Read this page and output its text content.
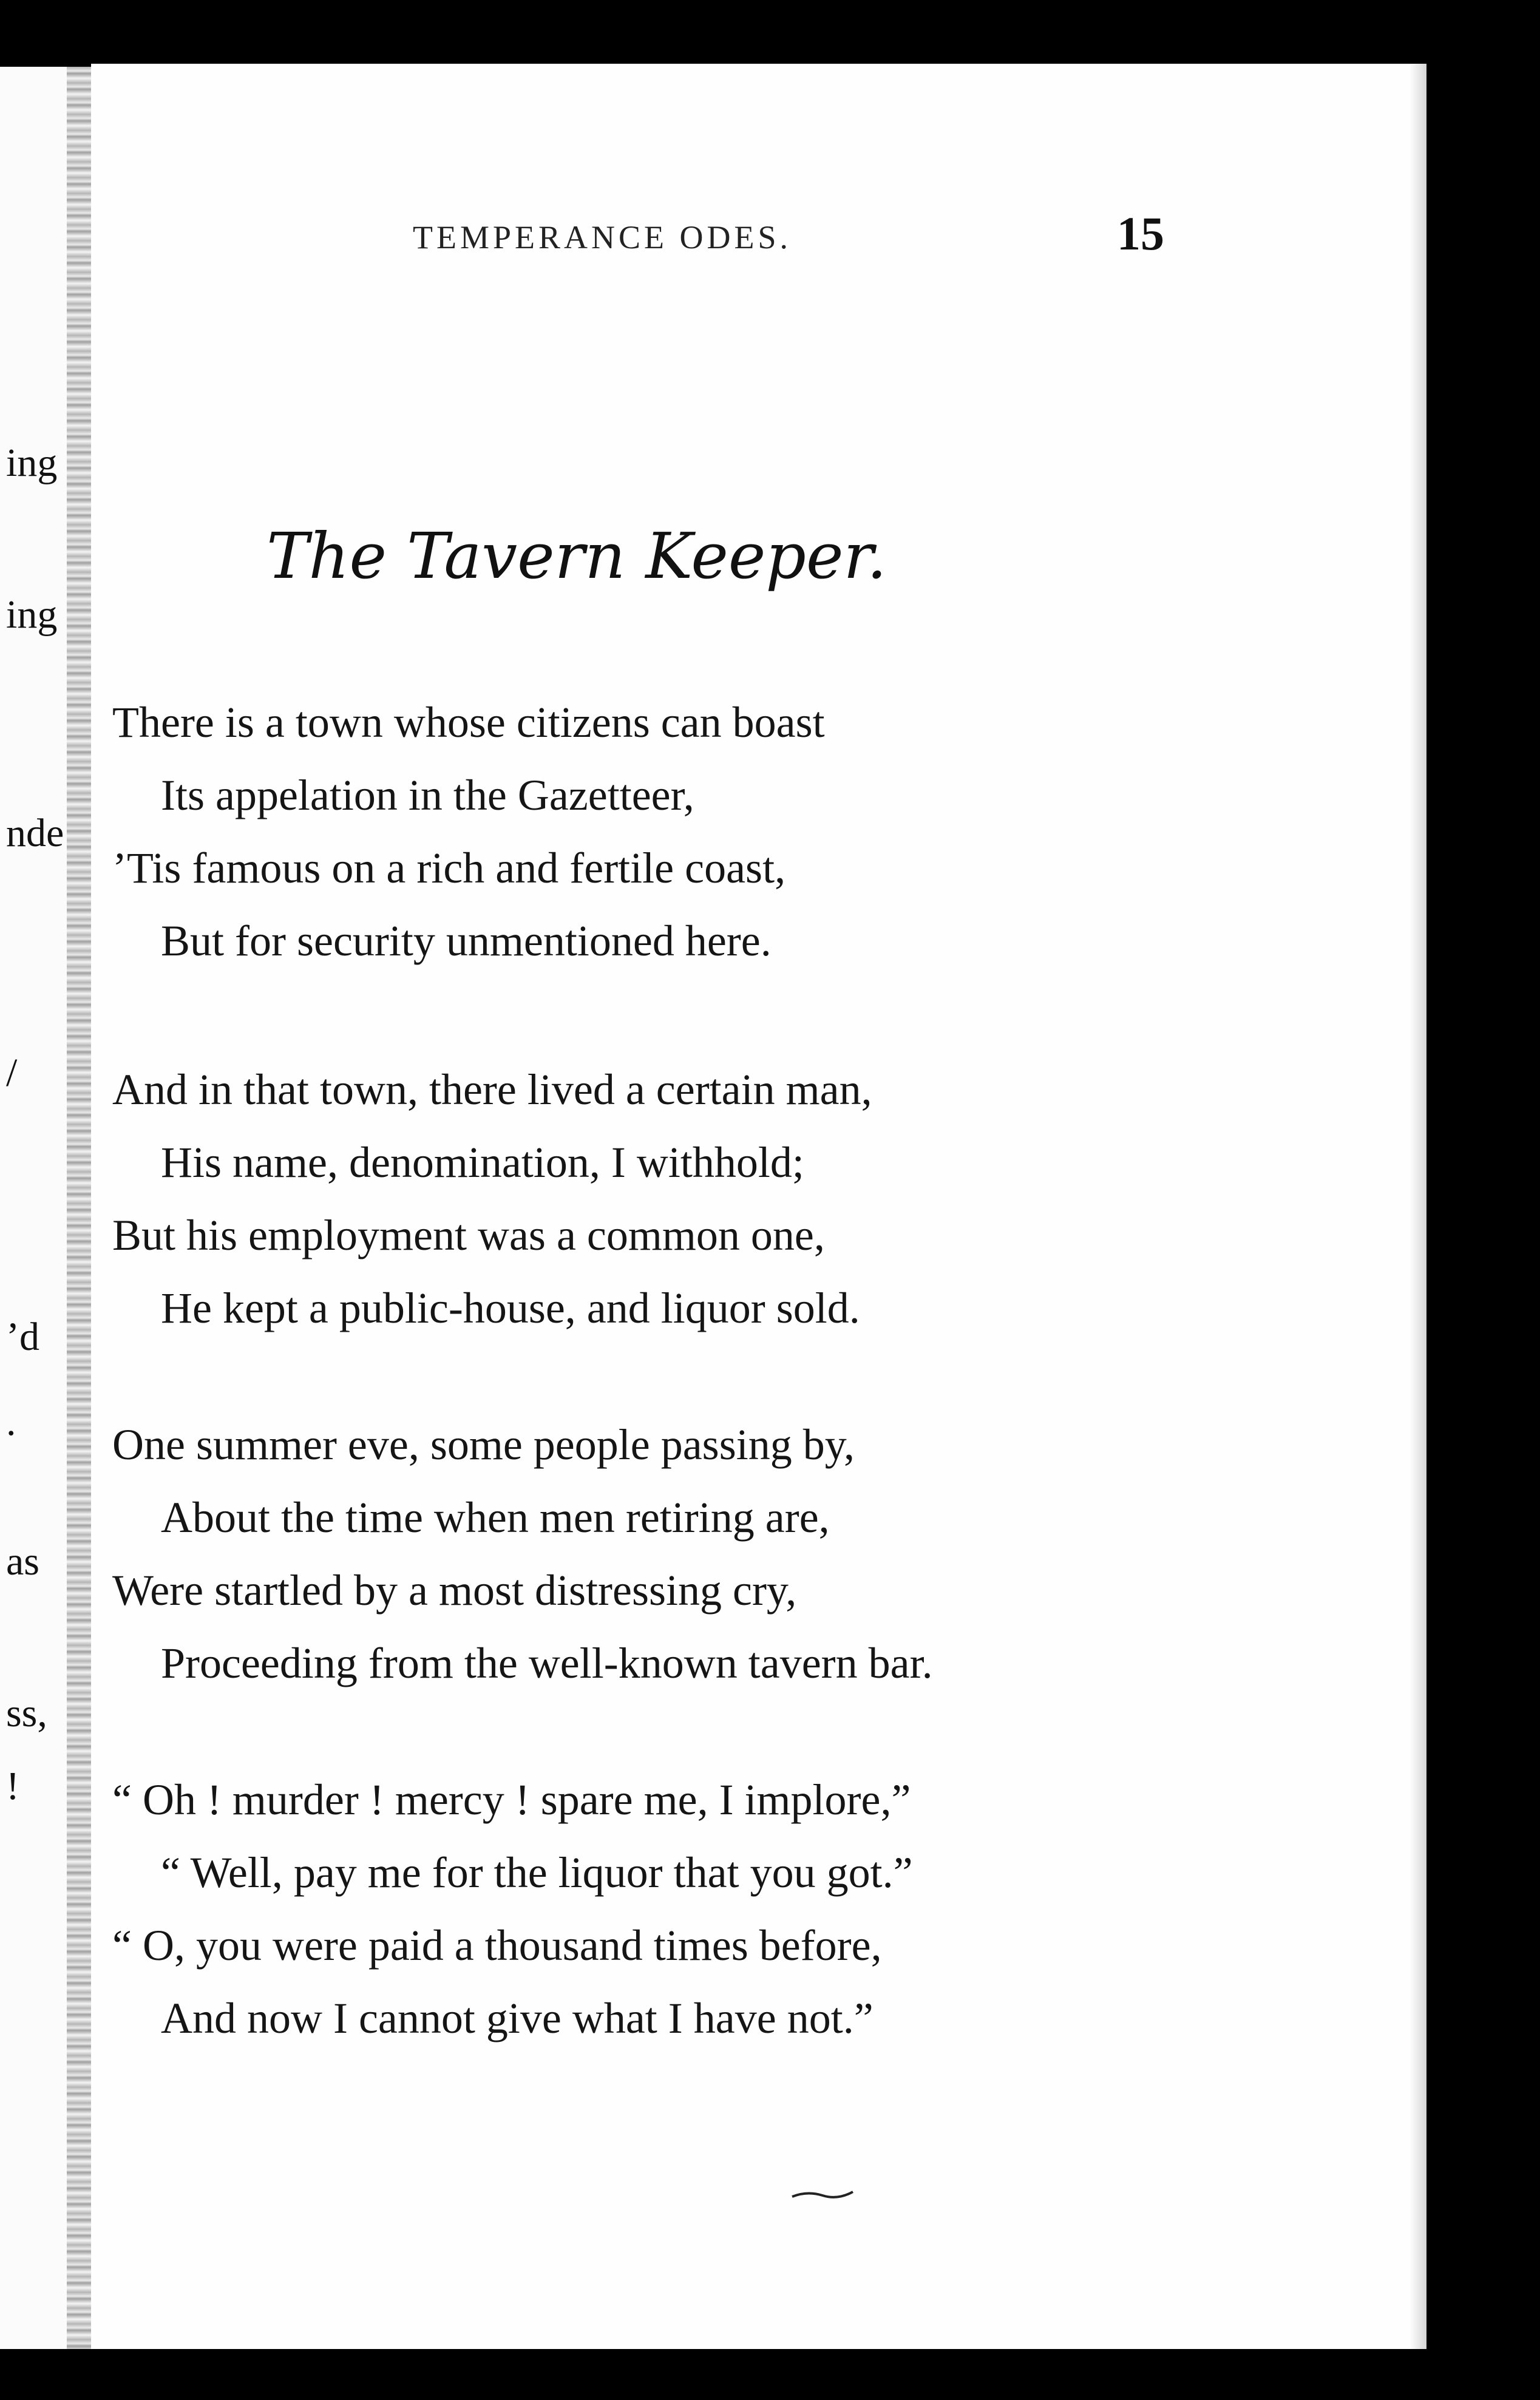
ing
ing
nde
/
’d
.
as
ss,
!
TEMPERANCE ODES.	15
The Tavern Keeper.
There is a town whose citizens can boast
Its appelation in the Gazetteer,
’Tis famous on a rich and fertile coast,
But for security unmentioned here.
And in that town, there lived a certain man,
His name, denomination, I withhold;
But his employment was a common one,
He kept a public-house, and liquor sold.
One summer eve, some people passing by,
About the time when men retiring are,
Were startled by a most distressing cry,
Proceeding from the well-known tavern bar.
“ Oh ! murder ! mercy ! spare me, I implore,”
“ Well, pay me for the liquor that you got.”
“ O, you were paid a thousand times before,
And now I cannot give what I have not.”
